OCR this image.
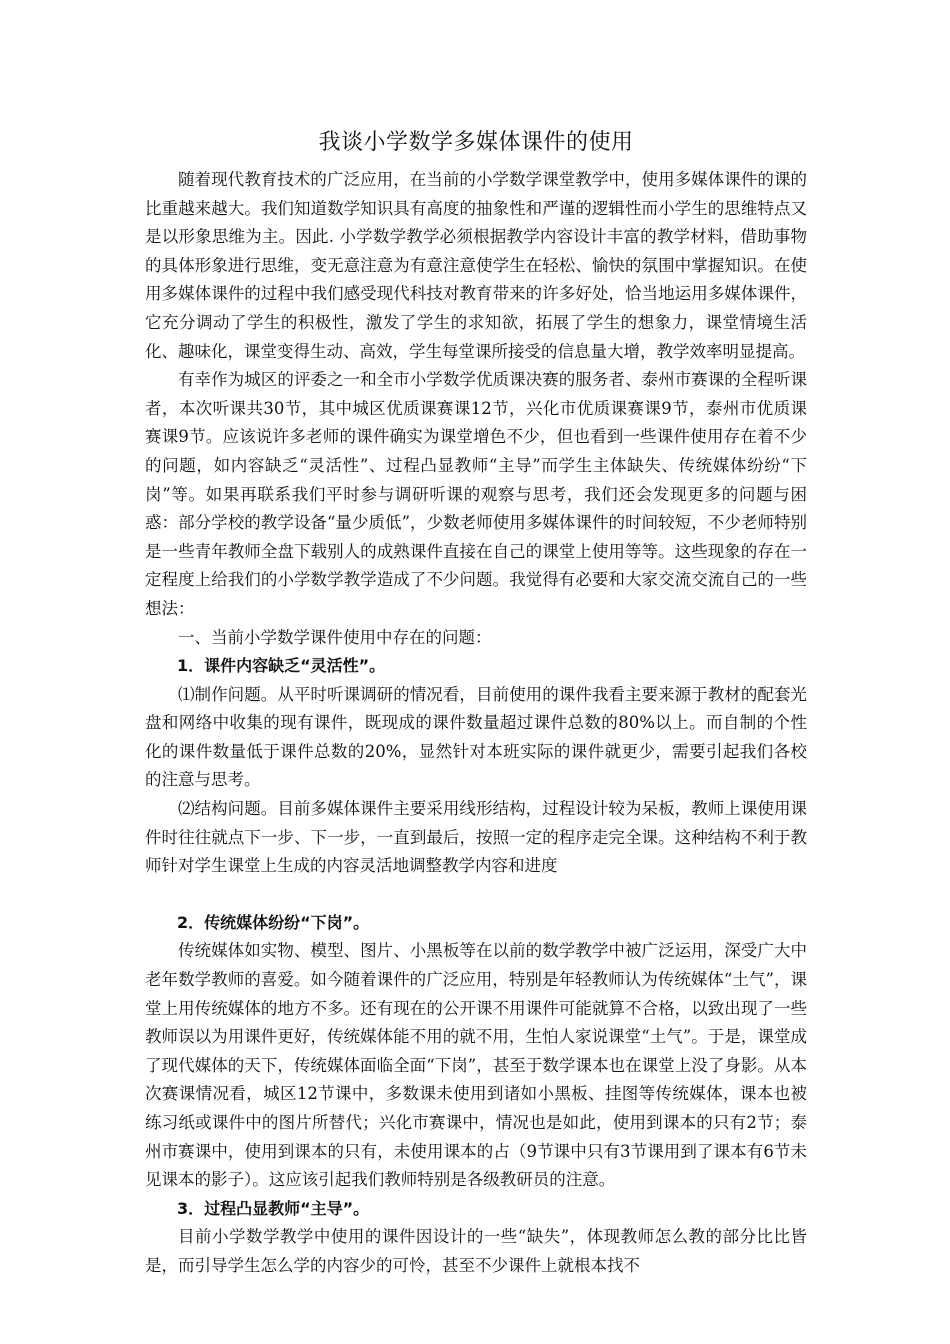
我谈小学数学多媒体课件的使用

随着现代教育技术的广泛应用，在当前的小学数学课堂教学中，使用多媒体课件的课的比重越来越大。我们知道数学知识具有高度的抽象性和严谨的逻辑性而小学生的思维特点又是以形象思维为主。因此. 小学数学教学必须根据教学内容设计丰富的教学材料，借助事物的具体形象进行思维，变无意注意为有意注意使学生在轻松、愉快的氛围中掌握知识。在使用多媒体课件的过程中我们感受现代科技对教育带来的许多好处，恰当地运用多媒体课件，它充分调动了学生的积极性，激发了学生的求知欲，拓展了学生的想象力，课堂情境生活化、趣味化，课堂变得生动、高效，学生每堂课所接受的信息量大增，教学效率明显提高。

有幸作为城区的评委之一和全市小学数学优质课决赛的服务者、泰州市赛课的全程听课者，本次听课共30节，其中城区优质课赛课12节，兴化市优质课赛课9节，泰州市优质课赛课9节。应该说许多老师的课件确实为课堂增色不少，但也看到一些课件使用存在着不少的问题，如内容缺乏“灵活性”、过程凸显教师“主导”而学生主体缺失、传统媒体纷纷“下岗”等。如果再联系我们平时参与调研听课的观察与思考，我们还会发现更多的问题与困惑：部分学校的教学设备“量少质低”，少数老师使用多媒体课件的时间较短，不少老师特别是一些青年教师全盘下载别人的成熟课件直接在自己的课堂上使用等等。这些现象的存在一定程度上给我们的小学数学教学造成了不少问题。我觉得有必要和大家交流交流自己的一些想法：

一、当前小学数学课件使用中存在的问题：

1．课件内容缺乏“灵活性”。

⑴制作问题。从平时听课调研的情况看，目前使用的课件我看主要来源于教材的配套光盘和网络中收集的现有课件，既现成的课件数量超过课件总数的80%以上。而自制的个性化的课件数量低于课件总数的20%，显然针对本班实际的课件就更少，需要引起我们各校的注意与思考。

⑵结构问题。目前多媒体课件主要采用线形结构，过程设计较为呆板，教师上课使用课件时往往就点下一步、下一步，一直到最后，按照一定的程序走完全课。这种结构不利于教师针对学生课堂上生成的内容灵活地调整教学内容和进度

2．传统媒体纷纷“下岗”。

传统媒体如实物、模型、图片、小黑板等在以前的数学教学中被广泛运用，深受广大中老年数学教师的喜爱。如今随着课件的广泛应用，特别是年轻教师认为传统媒体“土气”，课堂上用传统媒体的地方不多。还有现在的公开课不用课件可能就算不合格，以致出现了一些教师误以为用课件更好，传统媒体能不用的就不用，生怕人家说课堂“土气”。于是，课堂成了现代媒体的天下，传统媒体面临全面“下岗”，甚至于数学课本也在课堂上没了身影。从本次赛课情况看，城区12节课中，多数课未使用到诸如小黑板、挂图等传统媒体，课本也被练习纸或课件中的图片所替代；兴化市赛课中，情况也是如此，使用到课本的只有2节；泰州市赛课中，使用到课本的只有，未使用课本的占（9节课中只有3节课用到了课本有6节未见课本的影子）。这应该引起我们教师特别是各级教研员的注意。

3．过程凸显教师“主导”。

目前小学数学教学中使用的课件因设计的一些“缺失”，体现教师怎么教的部分比比皆是，而引导学生怎么学的内容少的可怜，甚至不少课件上就根本找不
